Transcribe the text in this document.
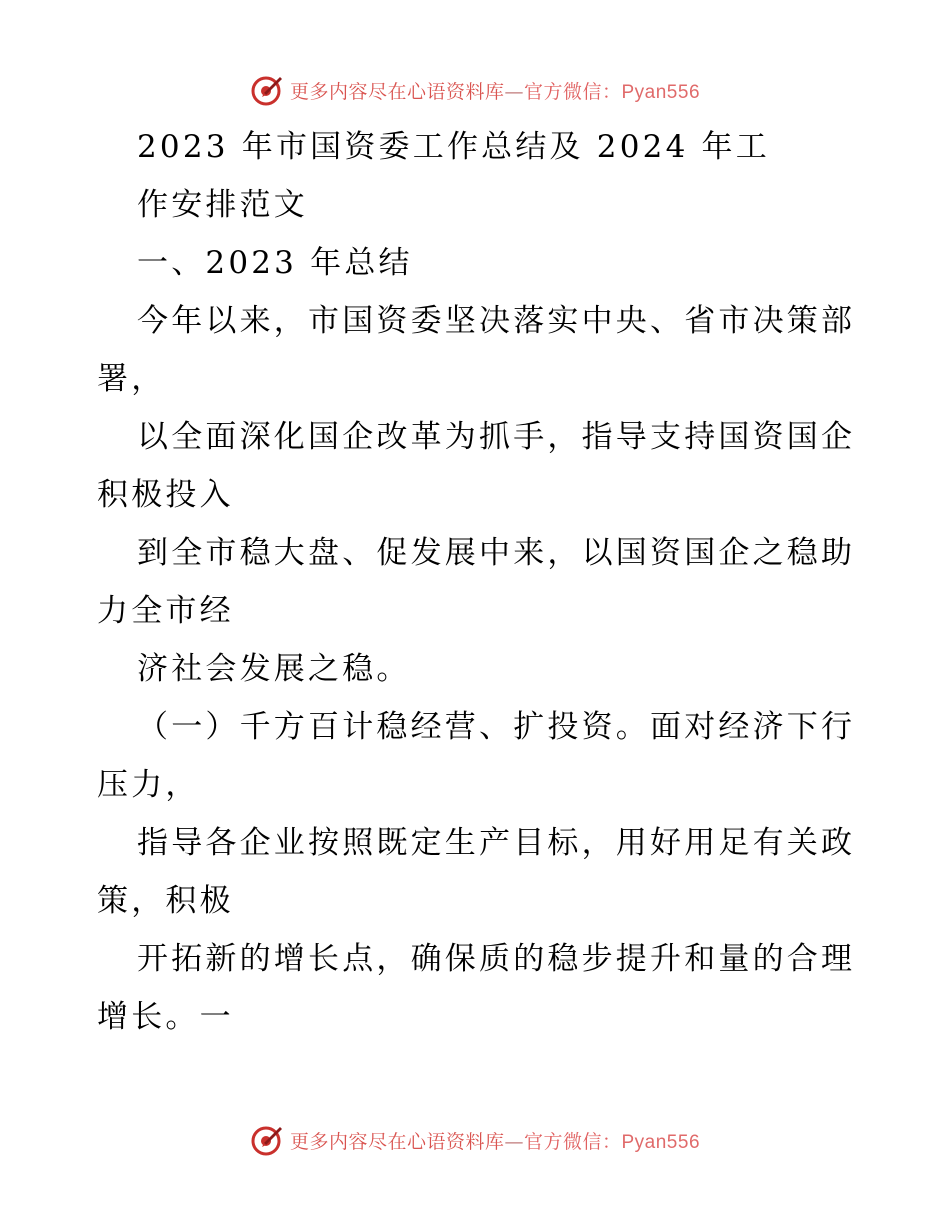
更多内容尽在心语资料库—官方微信：Pyan556
2023 年市国资委工作总结及 2024 年工
作安排范文
一、2023 年总结
今年以来，市国资委坚决落实中央、省市决策部
署，
以全面深化国企改革为抓手，指导支持国资国企
积极投入
到全市稳大盘、促发展中来，以国资国企之稳助
力全市经
济社会发展之稳。
（一）千方百计稳经营、扩投资。面对经济下行
压力，
指导各企业按照既定生产目标，用好用足有关政
策，积极
开拓新的增长点，确保质的稳步提升和量的合理
增长。一
更多内容尽在心语资料库—官方微信：Pyan556
